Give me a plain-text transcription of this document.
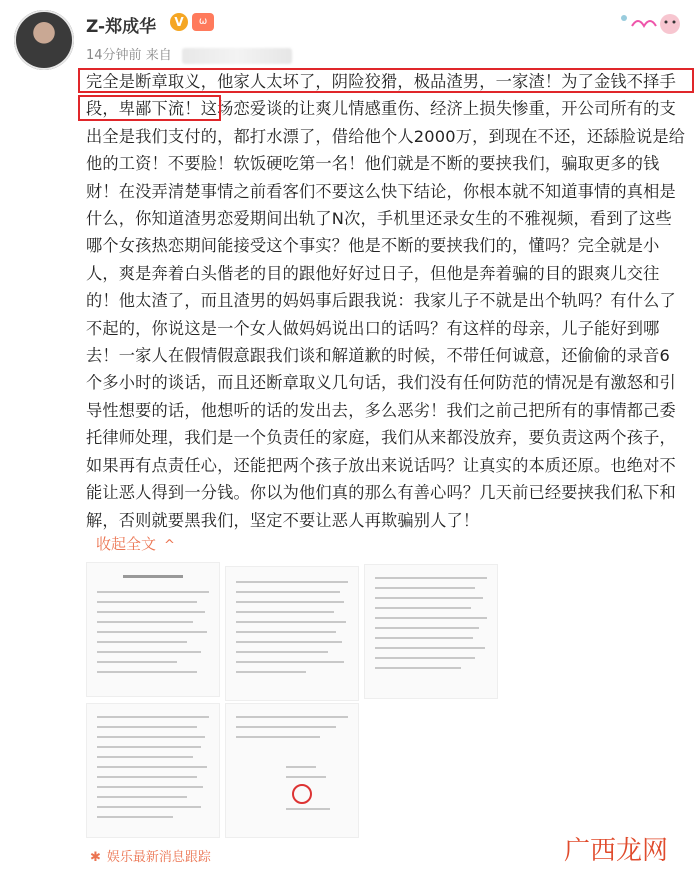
Z-郑成华	V	ω
14分钟前 来自
完全是断章取义，他家人太坏了，阴险狡猾，极品渣男，一家渣！为了金钱不择手段，卑鄙下流！这场恋爱谈的让爽儿情感重伤、经济上损失惨重，开公司所有的支出全是我们支付的，都打水漂了，借给他个人2000万，到现在不还，还舔脸说是给他的工资！不要脸！软饭硬吃第一名！他们就是不断的要挟我们，骗取更多的钱财！在没弄清楚事情之前看客们不要这么快下结论，你根本就不知道事情的真相是什么，你知道渣男恋爱期间出轨了N次，手机里还录女生的不雅视频，看到了这些哪个女孩热恋期间能接受这个事实？他是不断的要挟我们的，懂吗？完全就是小人，爽是奔着白头偕老的目的跟他好好过日子，但他是奔着骗的目的跟爽儿交往的！他太渣了，而且渣男的妈妈事后跟我说：我家儿子不就是出个轨吗？有什么了不起的，你说这是一个女人做妈妈说出口的话吗？有这样的母亲，儿子能好到哪去！一家人在假情假意跟我们谈和解道歉的时候，不带任何诚意，还偷偷的录音6个多小时的谈话，而且还断章取义几句话，我们没有任何防范的情况是有激怒和引导性想要的话，他想听的话的发出去，多么恶劣！我们之前己把所有的事情都己委托律师处理，我们是一个负责任的家庭，我们从来都没放弃，要负责这两个孩子，如果再有点责任心，还能把两个孩子放出来说话吗？让真实的本质还原。也绝对不能让恶人得到一分钱。你以为他们真的那么有善心吗？几天前已经要挟我们私下和解，否则就要黑我们，坚定不要让恶人再欺骗别人了！
收起全文 ^
✱ 娱乐最新消息跟踪	广西龙网
